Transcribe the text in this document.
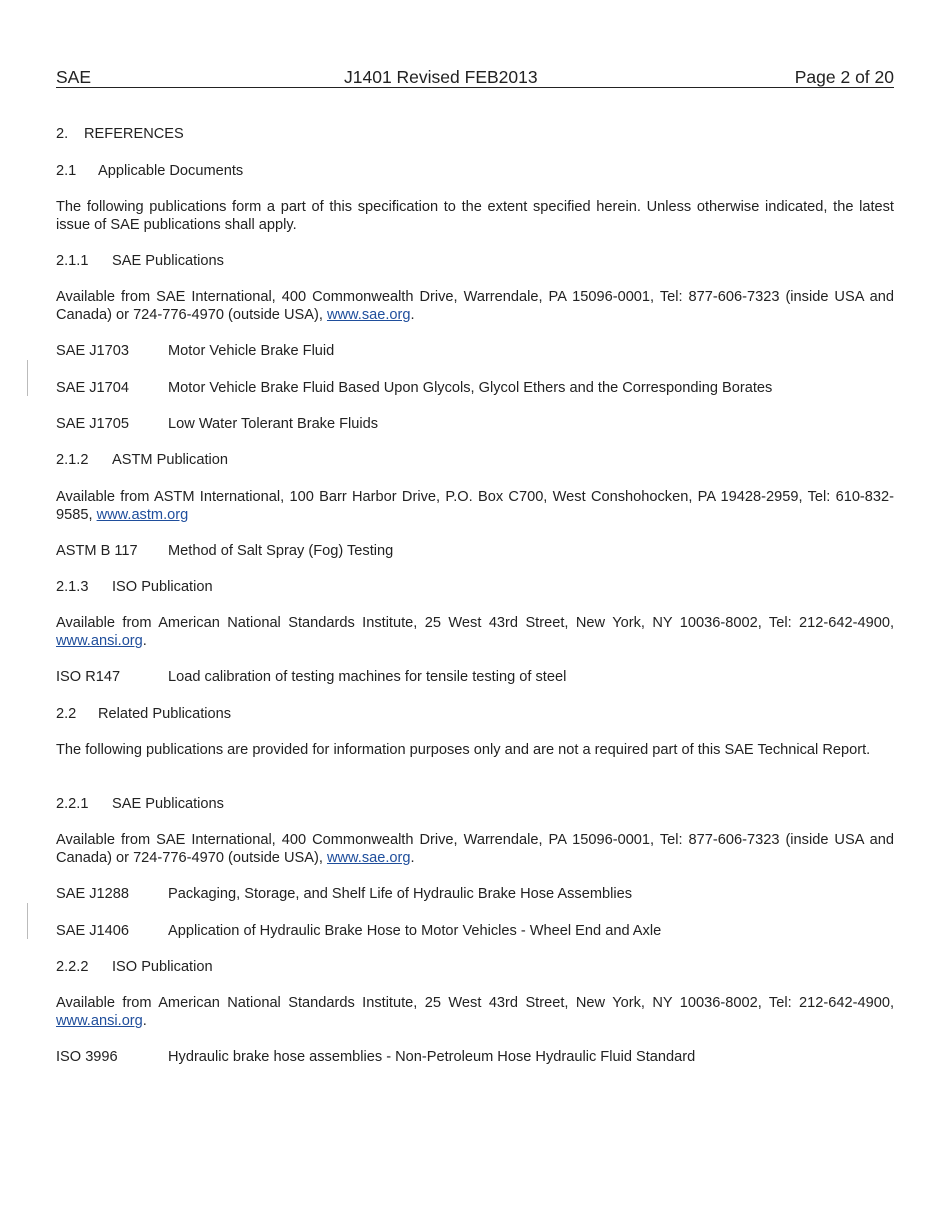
SAE	J1401 Revised FEB2013	Page 2 of 20
2. REFERENCES
2.1 Applicable Documents
The following publications form a part of this specification to the extent specified herein. Unless otherwise indicated, the latest issue of SAE publications shall apply.
2.1.1 SAE Publications
Available from SAE International, 400 Commonwealth Drive, Warrendale, PA 15096-0001, Tel: 877-606-7323 (inside USA and Canada) or 724-776-4970 (outside USA), www.sae.org.
SAE J1703	Motor Vehicle Brake Fluid
SAE J1704	Motor Vehicle Brake Fluid Based Upon Glycols, Glycol Ethers and the Corresponding Borates
SAE J1705	Low Water Tolerant Brake Fluids
2.1.2 ASTM Publication
Available from ASTM International, 100 Barr Harbor Drive, P.O. Box C700, West Conshohocken, PA 19428-2959, Tel: 610-832-9585, www.astm.org
ASTM B 117 Method of Salt Spray (Fog) Testing
2.1.3 ISO Publication
Available from American National Standards Institute, 25 West 43rd Street, New York, NY 10036-8002, Tel: 212-642-4900, www.ansi.org.
ISO R147	Load calibration of testing machines for tensile testing of steel
2.2 Related Publications
The following publications are provided for information purposes only and are not a required part of this SAE Technical Report.
2.2.1 SAE Publications
Available from SAE International, 400 Commonwealth Drive, Warrendale, PA 15096-0001, Tel: 877-606-7323 (inside USA and Canada) or 724-776-4970 (outside USA), www.sae.org.
SAE J1288	Packaging, Storage, and Shelf Life of Hydraulic Brake Hose Assemblies
SAE J1406	Application of Hydraulic Brake Hose to Motor Vehicles - Wheel End and Axle
2.2.2 ISO Publication
Available from American National Standards Institute, 25 West 43rd Street, New York, NY 10036-8002, Tel: 212-642-4900, www.ansi.org.
ISO 3996	Hydraulic brake hose assemblies - Non-Petroleum Hose Hydraulic Fluid Standard
